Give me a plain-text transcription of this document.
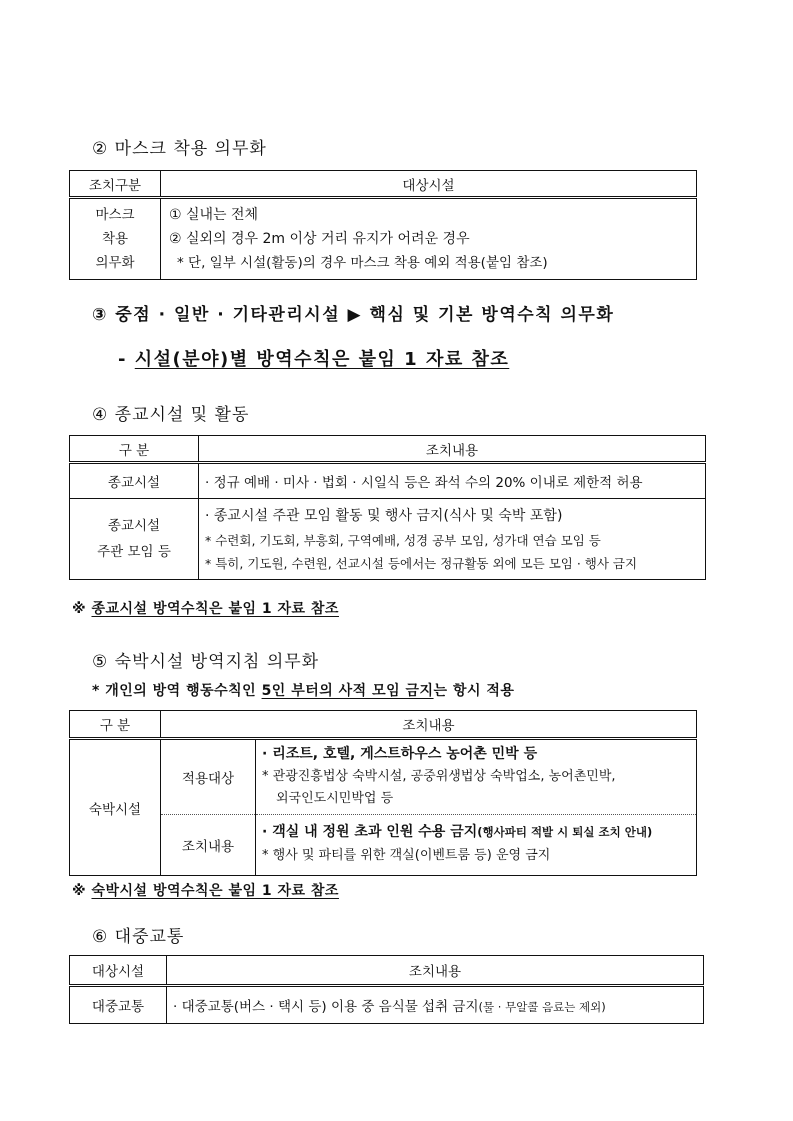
② 마스크 착용 의무화
조치구분	대상시설

마스크
착용
의무화	① 실내는 전체
② 실외의 경우 2m 이상 거리 유지가 어려운 경우
* 단, 일부 시설(활동)의 경우 마스크 착용 예외 적용(붙임 참조)
③ 중점 · 일반 · 기타관리시설 ▶ 핵심 및 기본 방역수칙 의무화
- 시설(분야)별 방역수칙은 붙임 1 자료 참조
④ 종교시설 및 활동
구 분	조치내용
종교시설	· 정규 예배 · 미사 · 법회 · 시일식 등은 좌석 수의 20% 이내로 제한적 허용

종교시설
주관 모임 등	· 종교시설 주관 모임 활동 및 행사 금지(식사 및 숙박 포함)
* 수련회, 기도회, 부흥회, 구역예배, 성경 공부 모임, 성가대 연습 모임 등
* 특히, 기도원, 수련원, 선교시설 등에서는 정규활동 외에 모든 모임 · 행사 금지
※ 종교시설 방역수칙은 붙임 1 자료 참조
⑤ 숙박시설 방역지침 의무화
* 개인의 방역 행동수칙인 5인 부터의 사적 모임 금지는 항시 적용
구 분	조치내용	
숙박시설	적용대상	· 리조트, 호텔, 게스트하우스 농어촌 민박 등
* 관광진흥법상 숙박시설, 공중위생법상 숙박업소, 농어촌민박,
외국인도시민박업 등

	조치내용	· 객실 내 정원 초과 인원 수용 금지(행사파티 적발 시 퇴실 조치 안내)
* 행사 및 파티를 위한 객실(이벤트룸 등) 운영 금지
※ 숙박시설 방역수칙은 붙임 1 자료 참조
⑥ 대중교통
대상시설	조치내용
대중교통	· 대중교통(버스 · 택시 등) 이용 중 음식물 섭취 금지(물 · 무알콜 음료는 제외)
